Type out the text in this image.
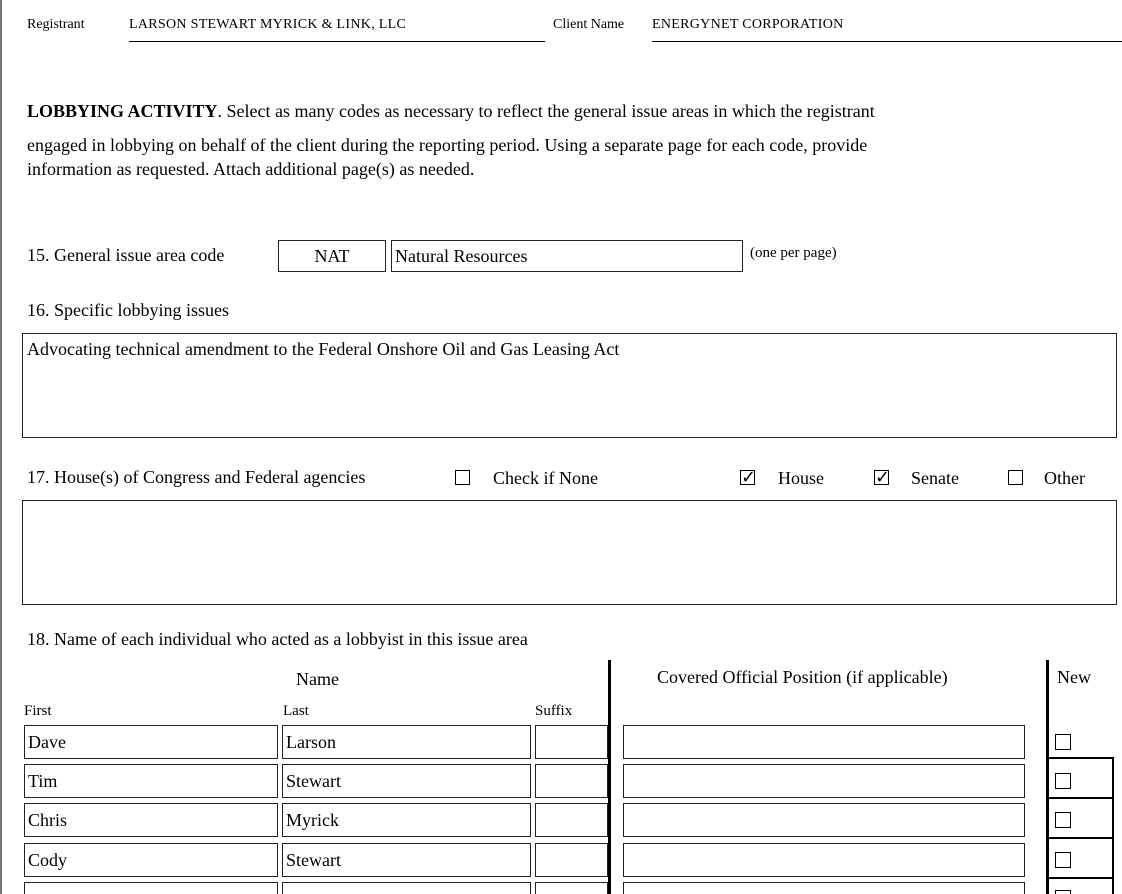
Registrant	LARSON STEWART MYRICK & LINK, LLC	Client Name ENERGYNET CORPORATION
LOBBYING ACTIVITY. Select as many codes as necessary to reflect the general issue areas in which the registrant
engaged in lobbying on behalf of the client during the reporting period. Using a separate page for each code, provide
information as requested. Attach additional page(s) as needed.
15. General issue area code	NAT	Natural Resources	(one per page)
16. Specific lobbying issues
Advocating technical amendment to the Federal Onshore Oil and Gas Leasing Act
17. House(s) of Congress and Federal agencies	Check if None	✓ House	✓ Senate	Other
18. Name of each individual who acted as a lobbyist in this issue area
Name	Covered Official Position (if applicable)	New
First	Last	Suffix
Dave	Larson
Tim	Stewart
Chris	Myrick
Cody	Stewart
